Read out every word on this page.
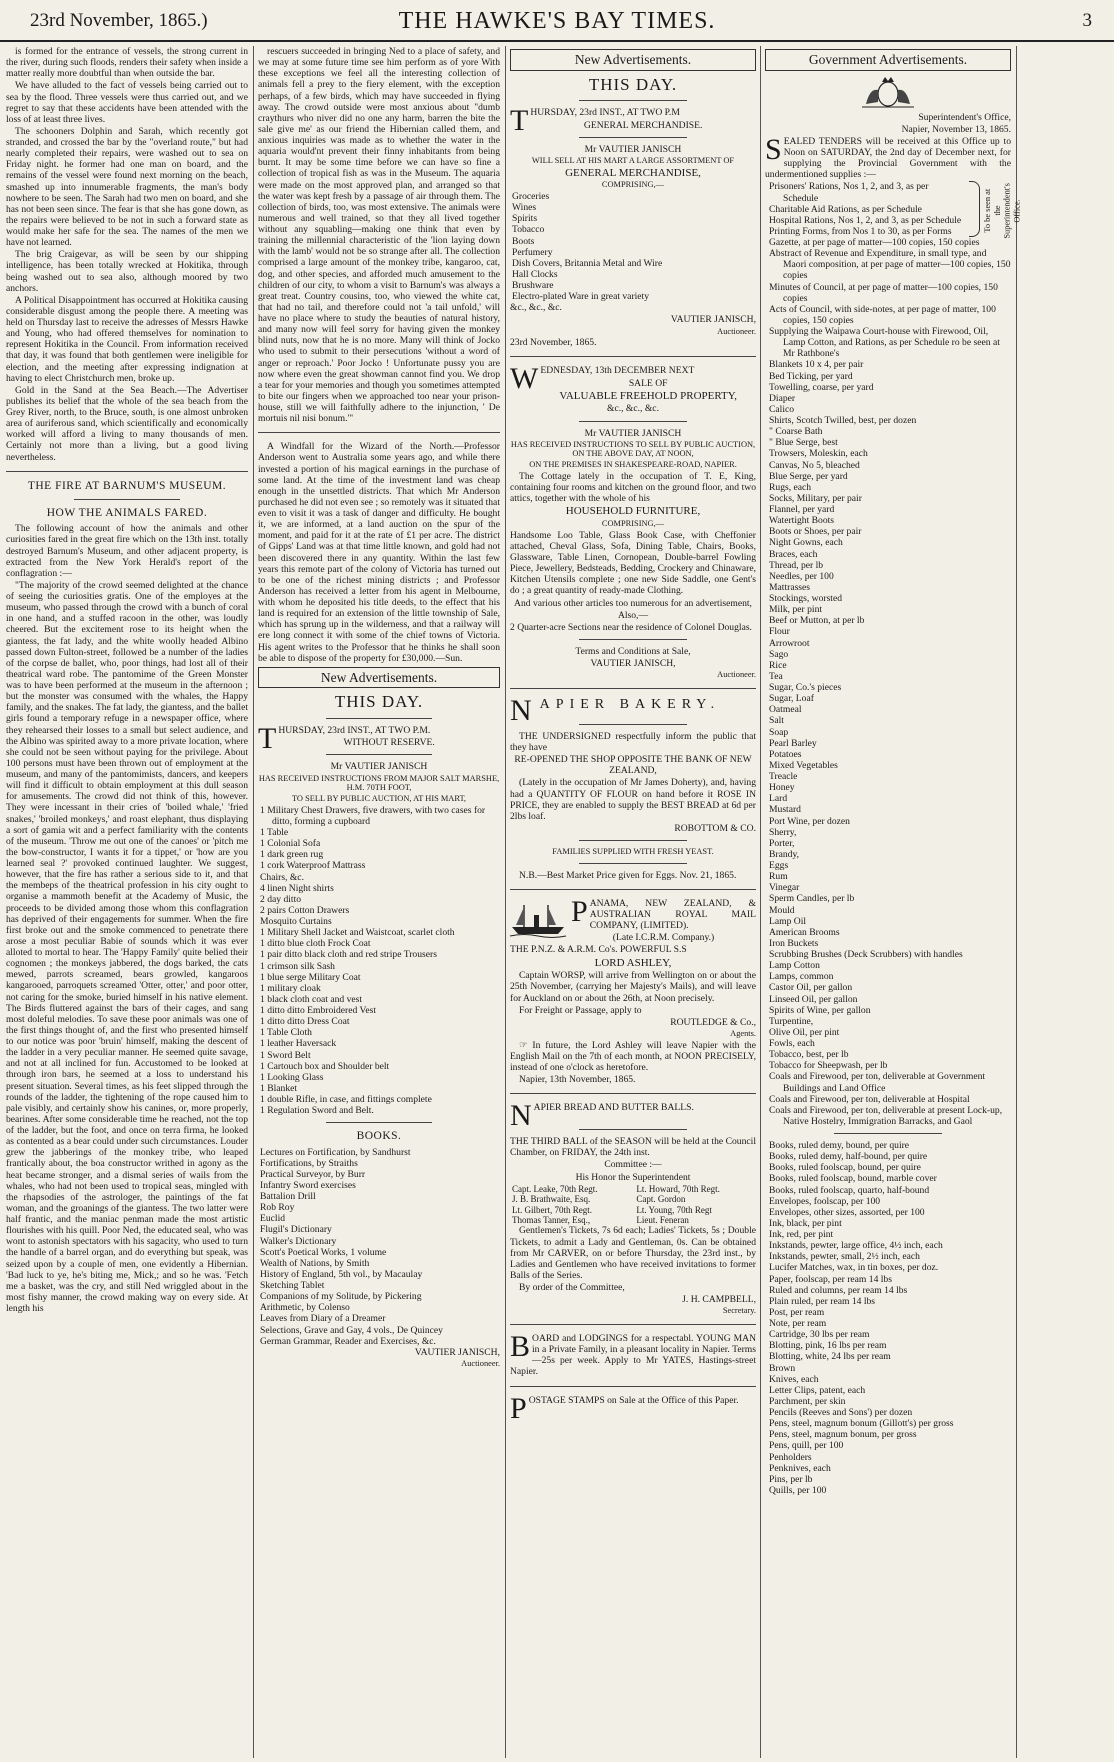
23rd November, 1865.)	THE HAWKE'S BAY TIMES.	3

is formed for the entrance of vessels, the strong current in the river, during such floods, renders their safety when inside a matter really more doubtful than when outside the bar.

We have alluded to the fact of vessels being carried out to sea by the flood. Three vessels were thus carried out, and we regret to say that these accidents have been attended with the loss of at least three lives.

The schooners Dolphin and Sarah, which recently got stranded, and crossed the bar by the "overland route," but had nearly completed their repairs, were washed out to sea on Friday night. he former had one man on board, and the remains of the vessel were found next morning on the beach, smashed up into innumerable fragments, the man's body nowhere to be seen. The Sarah had two men on board, and she has not been seen since. The fear is that she has gone down, as the repairs were believed to be not in such a forward state as would make her safe for the sea. The names of the men we have not learned.

The brig Craigevar, as will be seen by our shipping intelligence, has been totally wrecked at Hokitika, through being washed out to sea also, although moored by two anchors.

A Political Disappointment has occurred at Hokitika causing considerable disgust among the people there. A meeting was held on Thursday last to receive the adresses of Messrs Hawke and Young, who had offered themselves for nomination to represent Hokitika in the Council. From information received that day, it was found that both gentlemen were ineligible for election, and the meeting after expressing indignation at having to elect Christchurch men, broke up.

Gold in the Sand at the Sea Beach.—The Advertiser publishes its belief that the whole of the sea beach from the Grey River, north, to the Bruce, south, is one almost unbroken area of auriferous sand, which scientifically and economically worked will afford a living to many thousands of men. Certainly not more than a living, but a good living nevertheless.

THE FIRE AT BARNUM'S MUSEUM.
HOW THE ANIMALS FARED.

The following account of how the animals and other curiosities fared in the great fire which on the 13th inst. totally destroyed Barnum's Museum, and other adjacent property, is extracted from the New York Herald's report of the conflagration :—

"The majority of the crowd seemed delighted at the chance of seeing the curiosities gratis. One of the employes at the museum, who passed through the crowd with a bunch of coral in one hand, and a stuffed racoon in the other, was loudly cheered. But the excitement rose to its height when the giantess, the fat lady, and the white woolly headed Albino passed down Fulton-street, followed be a number of the ladies of the corpse de ballet, who, poor things, had lost all of their theatrical ward robe. The pantomime of the Green Monster was to have been performed at the museum in the afternoon ; but the monster was consumed with the whales, the Happy family, and the snakes. The fat lady, the giantess, and the ballet girls found a temporary refuge in a newspaper office, where they rehearsed their losses to a small but select audience, and the Albino was spirited away to a more private location, where she could not be seen without paying for the privilege. About 100 persons must have been thrown out of employment at the museum, and many of the pantomimists, dancers, and keepers will find it difficult to obtain employment at this dull season for amusements. The crowd did not think of this, however. They were incessant in their cries of 'boiled whale,' 'fried snakes,' 'broiled monkeys,' and roast elephant, thus displaying a sort of gamia wit and a perfect familiarity with the contents of the museum. 'Throw me out one of the canoes' or 'pitch me the bow-constructor, I wants it for a tippet,' or 'how are you learned seal ?' provoked continued laughter. We suggest, however, that the fire has rather a serious side to it, and that the membeps of the theatrical profession in his city ought to organise a mammoth benefit at the Academy of Music, the proceeds to be divided among those whom this conflagration has deprived of their engagements for summer. When the fire first broke out and the smoke commenced to penetrate there arose a most peculiar Babie of sounds which it was ever alloted to mortal to hear. The 'Happy Family' quite belied their cognomen ; the monkeys jabbered, the dogs barked, the cats mewed, parrots screamed, bears growled, kangaroos kangarooed, parroquets screamed 'Otter, otter,' and poor otter, not caring for the smoke, buried himself in his native element. The Birds fluttered against the bars of their cages, and sang most doleful melodies. To save these poor animals was one of the first things thought of, and the first who presented himself to our notice was poor 'bruin' himself, making the descent of the ladder in a very peculiar manner. He seemed quite savage, and not at all inclined for fun. Accustomed to be looked at through iron bars, he seemed at a loss to understand his present situation. Several times, as his feet slipped through the rounds of the ladder, the tightening of the rope caused him to pale visibly, and certainly show his canines, or, more properly, bearines. After some considerable time he reached, not the top of the ladder, but the foot, and once on terra firma, he looked as contented as a bear could under such circumstances. Louder grew the jabberings of the monkey tribe, who leaped frantically about, the boa constructor writhed in agony as the heat became stronger, and a dismal series of wails from the whales, who had not been used to tropical seas, mingled with the rhapsodies of the astrologer, the paintings of the fat woman, and the groanings of the giantess. The two latter were half frantic, and the maniac penman made the most artistic flourishes with his quill. Poor Ned, the educated seal, who was wont to astonish spectators with his sagacity, who used to turn the handle of a barrel organ, and do everything but speak, was seized upon by a couple of men, one evidently a Hibernian. 'Bad luck to ye, he's biting me, Mick,; and so he was. 'Fetch me a basket, was the cry, and still Ned wriggled about in the most fishy manner, the crowd making way on every side. At length his

rescuers succeeded in bringing Ned to a place of safety, and we may at some future time see him perform as of yore With these exceptions we feel all the interesting collection of animals fell a prey to the fiery element, with the exception perhaps, of a few birds, which may have succeeded in flying away. The crowd outside were most anxious about "dumb craythurs who niver did no one any harm, barren the bite the sale give me' as our friend the Hibernian called them, and anxious inquiries was made as to whether the water in the aquaria would'nt prevent their finny inhabitants from being burnt. It may be some time before we can have so fine a collection of tropical fish as was in the Museum. The aquaria were made on the most approved plan, and arranged so that the water was kept fresh by a passage of air through them. The collection of birds, too, was most extensive. The animals were numerous and well trained, so that they all lived together without any squabling—making one think that even by training the millennial characteristic of the 'lion laying down with the lamb' would not be so strange after all. The collection comprised a large amount of the monkey tribe, kangaroo, cat, dog, and other species, and afforded much amusement to the children of our city, to whom a visit to Barnum's was always a great treat. Country cousins, too, who viewed the white cat, that had no tail, and therefore could not 'a tail unfold,' will have no place where to study the beauties of natural history, and many now will feel sorry for having given the monkey blind nuts, now that he is no more. Many will think of Jocko who used to submit to their persecutions 'without a word of anger or reproach.' Poor Jocko ! Unfortunate pussy you are now where even the great showman cannot find you. We drop a tear for your memories and though you sometimes attempted to bite our fingers when we approached too near your prison-house, still we will faithfully adhere to the injunction, ' De mortuis nil nisi bonum.'"

A Windfall for the Wizard of the North.—Professor Anderson went to Australia some years ago, and while there invested a portion of his magical earnings in the purchase of some land. At the time of the investment land was cheap enough in the unsettled districts. That which Mr Anderson purchased he did not even see ; so remotely was it situated that even to visit it was a task of danger and difficulty. He bought it, we are informed, at a land auction on the spur of the moment, and paid for it at the rate of £1 per acre. The district of Gipps' Land was at that time little known, and gold had not been discovered there in any quantity. Within the last few years this remote part of the colony of Victoria has turned out to be one of the richest mining districts ; and Professor Anderson has received a letter from his agent in Melbourne, with whom he deposited his title deeds, to the effect that his land is required for an extension of the little township of Sale, which has sprung up in the wilderness, and that a railway will ere long connect it with some of the chief towns of Victoria. His agent writes to the Professor that he thinks he shall soon be able to dispose of the property for £30,000.—Sun.

New Advertisements.
THIS DAY.

THURSDAY, 23rd INST., AT TWO P.M.

WITHOUT RESERVE.

Mr VAUTIER JANISCH

HAS RECEIVED INSTRUCTIONS FROM MAJOR SALT MARSHE, H.M. 70TH FOOT,

TO SELL BY PUBLIC AUCTION, AT HIS MART,

1 Military Chest Drawers, five drawers, with two cases for ditto, forming a cupboard
1 Table
1 Colonial Sofa
1 dark green rug
1 cork Waterproof Mattrass
Chairs, &c.
4 linen Night shirts
2 day ditto
2 pairs Cotton Drawers
Mosquito Curtains
1 Military Shell Jacket and Waistcoat, scarlet cloth
1 ditto blue cloth Frock Coat
1 pair ditto black cloth and red stripe Trousers
1 crimson silk Sash
1 blue serge Military Coat
1 military cloak
1 black cloth coat and vest
1 ditto ditto Embroidered Vest
1 ditto ditto Dress Coat
1 Table Cloth
1 leather Haversack
1 Sword Belt
1 Cartouch box and Shoulder belt
1 Looking Glass
1 Blanket
1 double Rifle, in case, and fittings complete
1 Regulation Sword and Belt.
BOOKS.
Lectures on Fortification, by Sandhurst
Fortifications, by Straiths
Practical Surveyor, by Burr
Infantry Sword exercises
Battalion Drill
Rob Roy
Euclid
Flugil's Dictionary
Walker's Dictionary
Scott's Poetical Works, 1 volume
Wealth of Nations, by Smith
History of England, 5th vol., by Macaulay
Sketching Tablet
Companions of my Solitude, by Pickering
Arithmetic, by Colenso
Leaves from Diary of a Dreamer
Selections, Grave and Gay, 4 vols., De Quincey
German Grammar, Reader and Exercises, &c.

VAUTIER JANISCH,

Auctioneer.

New Advertisements.
THIS DAY.

THURSDAY, 23rd INST., AT TWO P.M

GENERAL MERCHANDISE.

Mr VAUTIER JANISCH

WILL SELL AT HIS MART A LARGE ASSORTMENT OF

GENERAL MERCHANDISE,

COMPRISING,—

Groceries
Wines
Spirits
Tobacco
Boots
Perfumery
Dish Covers, Britannia Metal and Wire
Hall Clocks
Brushware
Electro-plated Ware in great variety

&c., &c., &c.

VAUTIER JANISCH,

Auctioneer.

23rd November, 1865.

WEDNESDAY, 13th DECEMBER NEXT

SALE OF

VALUABLE FREEHOLD PROPERTY,

&c., &c., &c.

Mr VAUTIER JANISCH

HAS RECEIVED INSTRUCTIONS TO SELL BY PUBLIC AUCTION, ON THE ABOVE DAY, AT NOON,

ON THE PREMISES IN SHAKESPEARE-ROAD, NAPIER.

The Cottage lately in the occupation of T. E, King, containing four rooms and kitchen on the ground floor, and two attics, together with the whole of his

HOUSEHOLD FURNITURE,

COMPRISING,—

Handsome Loo Table, Glass Book Case, with Cheffonier attached, Cheval Glass, Sofa, Dining Table, Chairs, Books, Glassware, Table Linen, Cornopean, Double-barrel Fowling Piece, Jewellery, Bedsteads, Bedding, Crockery and Chinaware, Kitchen Utensils complete ; one new Side Saddle, one Gent's do ; a great quantity of ready-made Clothing.

And various other articles too numerous for an advertisement,

Also,—

2 Quarter-acre Sections near the residence of Colonel Douglas.

Terms and Conditions at Sale,

VAUTIER JANISCH,

Auctioneer.

NAPIER BAKERY.

THE UNDERSIGNED respectfully inform the public that they have

RE-OPENED THE SHOP OPPOSITE THE BANK OF NEW ZEALAND,

(Lately in the occupation of Mr James Doherty), and, having had a QUANTITY OF FLOUR on hand before it ROSE IN PRICE, they are enabled to supply the BEST BREAD at 6d per 2lbs loaf.

ROBOTTOM & CO.

FAMILIES SUPPLIED WITH FRESH YEAST.

N.B.—Best Market Price given for Eggs. Nov. 21, 1865.

PANAMA, NEW ZEALAND, & AUSTRALIAN ROYAL MAIL COMPANY, (LIMITED).

(Late I.C.R.M. Company.)

THE P.N.Z. & A.R.M. Co's. POWERFUL S.S

LORD ASHLEY,

Captain WORSP, will arrive from Wellington on or about the 25th November, (carrying her Majesty's Mails), and will leave for Auckland on or about the 26th, at Noon precisely.

For Freight or Passage, apply to

ROUTLEDGE & Co.,

Agents.

☞ In future, the Lord Ashley will leave Napier with the English Mail on the 7th of each month, at NOON PRECISELY, instead of one o'clock as heretofore.

Napier, 13th November, 1865.

NAPIER BREAD AND BUTTER BALLS.

THE THIRD BALL of the SEASON will be held at the Council Chamber, on FRIDAY, the 24th inst.

Committee :—

His Honor the Superintendent

Capt. Leake, 70th Regt.	Lt. Howard, 70th Regt.
J. B. Brathwaite, Esq.	Capt. Gordon
Lt. Gilbert, 70th Regt.	Lt. Young, 70th Regt
Thomas Tanner, Esq.,	Lieut. Feneran

Gentlemen's Tickets, 7s 6d each; Ladies' Tickets, 5s ; Double Tickets, to admit a Lady and Gentleman, 0s. Can be obtained from Mr CARVER, on or before Thursday, the 23rd inst., by Ladies and Gentlemen who have received invitations to former Balls of the Series.

By order of the Committee,

J. H. CAMPBELL,

Secretary.

BOARD and LODGINGS for a respectabl. YOUNG MAN in a Private Family, in a pleasant locality in Napier. Terms—25s per week. Apply to Mr YATES, Hastings-street Napier.

POSTAGE STAMPS on Sale at the Office of this Paper.

Government Advertisements.

Superintendent's Office,

Napier, November 13, 1865.

SEALED TENDERS will be received at this Office up to Noon on SATURDAY, the 2nd day of December next, for supplying the Provincial Government with the undermentioned supplies :—

Prisoners' Rations, Nos 1, 2, and 3, as per Schedule
Charitable Aid Rations, as per Schedule
Hospital Rations, Nos 1, 2, and 3, as per Schedule
Printing Forms, from Nos 1 to 30, as per Forms	To be seen at the Superintendent's Office.
Gazette, at per page of matter—100 copies, 150 copies
Abstract of Revenue and Expenditure, in small type, and Maori composition, at per page of matter—100 copies, 150 copies
Minutes of Council, at per page of matter—100 copies, 150 copies
Acts of Council, with side-notes, at per page of matter, 100 copies, 150 copies
Supplying the Waipawa Court-house with Firewood, Oil, Lamp Cotton, and Rations, as per Schedule ro be seen at Mr Rathbone's
Blankets 10 x 4, per pair
Bed Ticking, per yard
Towelling, coarse, per yard
Diaper
Calico
Shirts, Scotch Twilled, best, per dozen
" Coarse Bath
" Blue Serge, best
Trowsers, Moleskin, each
Canvas, No 5, bleached
Blue Serge, per yard
Rugs, each
Socks, Military, per pair
Flannel, per yard
Watertight Boots
Boots or Shoes, per pair
Night Gowns, each
Braces, each
Thread, per lb
Needles, per 100
Mattrasses
Stockings, worsted
Milk, per pint
Beef or Mutton, at per lb
Flour
Arrowroot
Sago
Rice
Tea
Sugar, Co.'s pieces
Sugar, Loaf
Oatmeal
Salt
Soap
Pearl Barley
Potatoes
Mixed Vegetables
Treacle
Honey
Lard
Mustard
Port Wine, per dozen
Sherry,
Porter,
Brandy,
Eggs
Rum
Vinegar
Sperm Candles, per lb
Mould
Lamp Oil
American Brooms
Iron Buckets
Scrubbing Brushes (Deck Scrubbers) with handles
Lamp Cotton
Lamps, common
Castor Oil, per gallon
Linseed Oil, per gallon
Spirits of Wine, per gallon
Turpentine,
Olive Oil, per pint
Fowls, each
Tobacco, best, per lb
Tobacco for Sheepwash, per lb
Coals and Firewood, per ton, deliverable at Government Buildings and Land Office
Coals and Firewood, per ton, deliverable at Hospital
Coals and Firewood, per ton, deliverable at present Lock-up, Native Hostelry, Immigration Barracks, and Gaol
Books, ruled demy, bound, per quire
Books, ruled demy, half-bound, per quire
Books, ruled foolscap, bound, per quire
Books, ruled foolscap, bound, marble cover
Books, ruled foolscap, quarto, half-bound
Envelopes, foolscap, per 100
Envelopes, other sizes, assorted, per 100
Ink, black, per pint
Ink, red, per pint
Inkstands, pewter, large office, 4½ inch, each
Inkstands, pewter, small, 2½ inch, each
Lucifer Matches, wax, in tin boxes, per doz.
Paper, foolscap, per ream 14 lbs
Ruled and columns, per ream 14 lbs
Plain ruled, per ream 14 lbs
Post, per ream
Note, per ream
Cartridge, 30 lbs per ream
Blotting, pink, 16 lbs per ream
Blotting, white, 24 lbs per ream
Brown
Knives, each
Letter Clips, patent, each
Parchment, per skin
Pencils (Reeves and Sons') per dozen
Pens, steel, magnum bonum (Gillott's) per gross
Pens, steel, magnum bonum, per gross
Pens, quill, per 100
Penholders
Penknives, each
Pins, per lb
Quills, per 100
